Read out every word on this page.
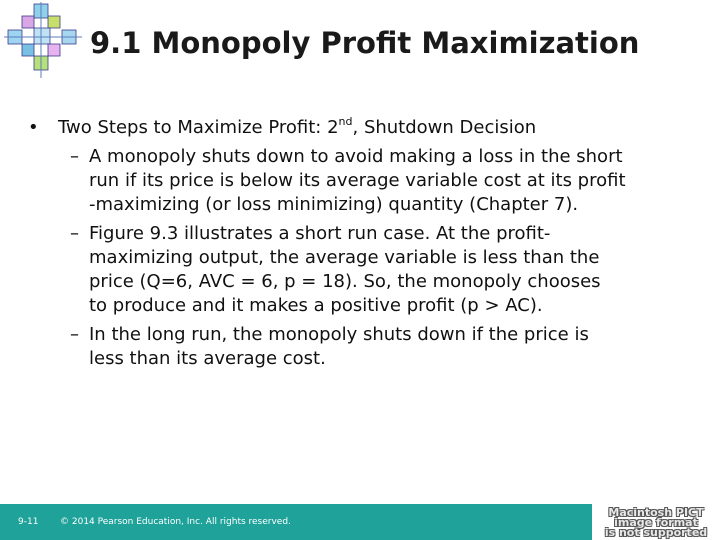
9.1 Monopoly Profit Maximization
• Two Steps to Maximize Profit: 2nd, Shutdown Decision
– A monopoly shuts down to avoid making a loss in the short

run if its price is below its average variable cost at its profit

-maximizing (or loss minimizing) quantity (Chapter 7).

– Figure 9.3 illustrates a short run case. At the profit-

maximizing output, the average variable is less than the

price (Q=6, AVC = 6, p = 18). So, the monopoly chooses

to produce and it makes a positive profit (p > AC).

– In the long run, the monopoly shuts down if the price is

less than its average cost.

9-11 © 2014 Pearson Education, Inc. All rights reserved.
Macintosh PICT
image format
is not supported
